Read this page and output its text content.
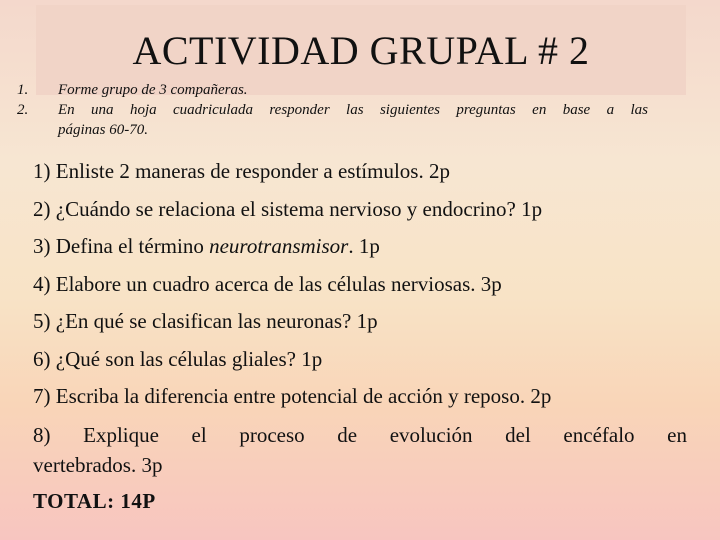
ACTIVIDAD GRUPAL # 2
1. Forme grupo de 3 compañeras.
2. En una hoja cuadriculada responder las siguientes preguntas en base a las
páginas 60-70.
1) Enliste 2 maneras de responder a estímulos. 2p
2) ¿Cuándo se relaciona el sistema nervioso y endocrino? 1p
3) Defina el término neurotransmisor. 1p
4) Elabore un cuadro acerca de las células nerviosas. 3p
5) ¿En qué se clasifican las neuronas? 1p
6) ¿Qué son las células gliales? 1p
7) Escriba la diferencia entre potencial de acción y reposo. 2p
8) Explique el proceso de evolución del encéfalo en
vertebrados. 3p
TOTAL: 14P
